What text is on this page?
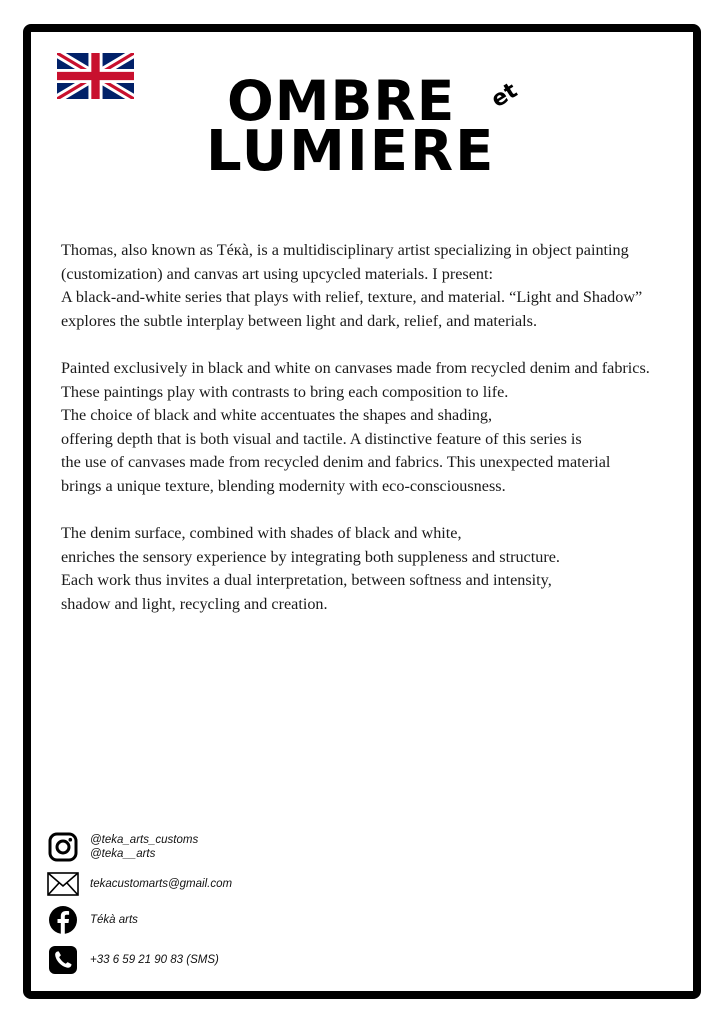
OMBRE et
LUMIERE
Thomas, also known as Téкà, is a multidisciplinary artist specializing in object painting
(customization) and canvas art using upcycled materials. I present:
A black-and-white series that plays with relief, texture, and material. “Light and Shadow”
explores the subtle interplay between light and dark, relief, and materials.
Painted exclusively in black and white on canvases made from recycled denim and fabrics.
These paintings play with contrasts to bring each composition to life.
The choice of black and white accentuates the shapes and shading,
offering depth that is both visual and tactile. A distinctive feature of this series is
the use of canvases made from recycled denim and fabrics. This unexpected material
brings a unique texture, blending modernity with eco-consciousness.
The denim surface, combined with shades of black and white,
enriches the sensory experience by integrating both suppleness and structure.
Each work thus invites a dual interpretation, between softness and intensity,
shadow and light, recycling and creation.
@teka_arts_customs
@teka__arts
tekacustomarts@gmail.com
Tékà arts
+33 6 59 21 90 83 (SMS)
